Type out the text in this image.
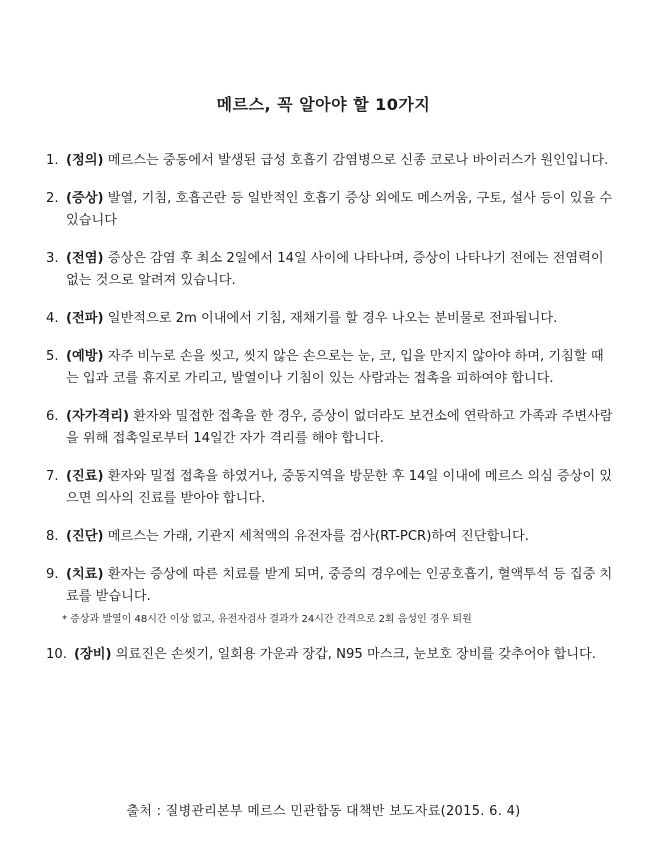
메르스, 꼭 알아야 할 10가지
1. (정의) 메르스는 중동에서 발생된 급성 호흡기 감염병으로 신종 코로나 바이러스가 원인입니다.
2. (증상) 발열, 기침, 호흡곤란 등 일반적인 호흡기 증상 외에도 메스꺼움, 구토, 설사 등이 있을 수 있습니다
3. (전염) 증상은 감염 후 최소 2일에서 14일 사이에 나타나며, 증상이 나타나기 전에는 전염력이 없는 것으로 알려져 있습니다.
4. (전파) 일반적으로 2m 이내에서 기침, 재채기를 할 경우 나오는 분비물로 전파됩니다.
5. (예방) 자주 비누로 손을 씻고, 씻지 않은 손으로는 눈, 코, 입을 만지지 않아야 하며, 기침할 때는 입과 코를 휴지로 가리고, 발열이나 기침이 있는 사람과는 접촉을 피하여야 합니다.
6. (자가격리) 환자와 밀접한 접촉을 한 경우, 증상이 없더라도 보건소에 연락하고 가족과 주변사람을 위해 접촉일로부터 14일간 자가 격리를 해야 합니다.
7. (진료) 환자와 밀접 접촉을 하였거나, 중동지역을 방문한 후 14일 이내에 메르스 의심 증상이 있으면 의사의 진료를 받아야 합니다.
8. (진단) 메르스는 가래, 기관지 세척액의 유전자를 검사(RT-PCR)하여 진단합니다.
9. (치료) 환자는 증상에 따른 치료를 받게 되며, 중증의 경우에는 인공호흡기, 혈액투석 등 집중 치료를 받습니다.
* 증상과 발열이 48시간 이상 없고, 유전자검사 결과가 24시간 간격으로 2회 음성인 경우 퇴원
10. (장비) 의료진은 손씻기, 일회용 가운과 장갑, N95 마스크, 눈보호 장비를 갖추어야 합니다.
출처 : 질병관리본부 메르스 민관합동 대책반 보도자료(2015. 6. 4)
